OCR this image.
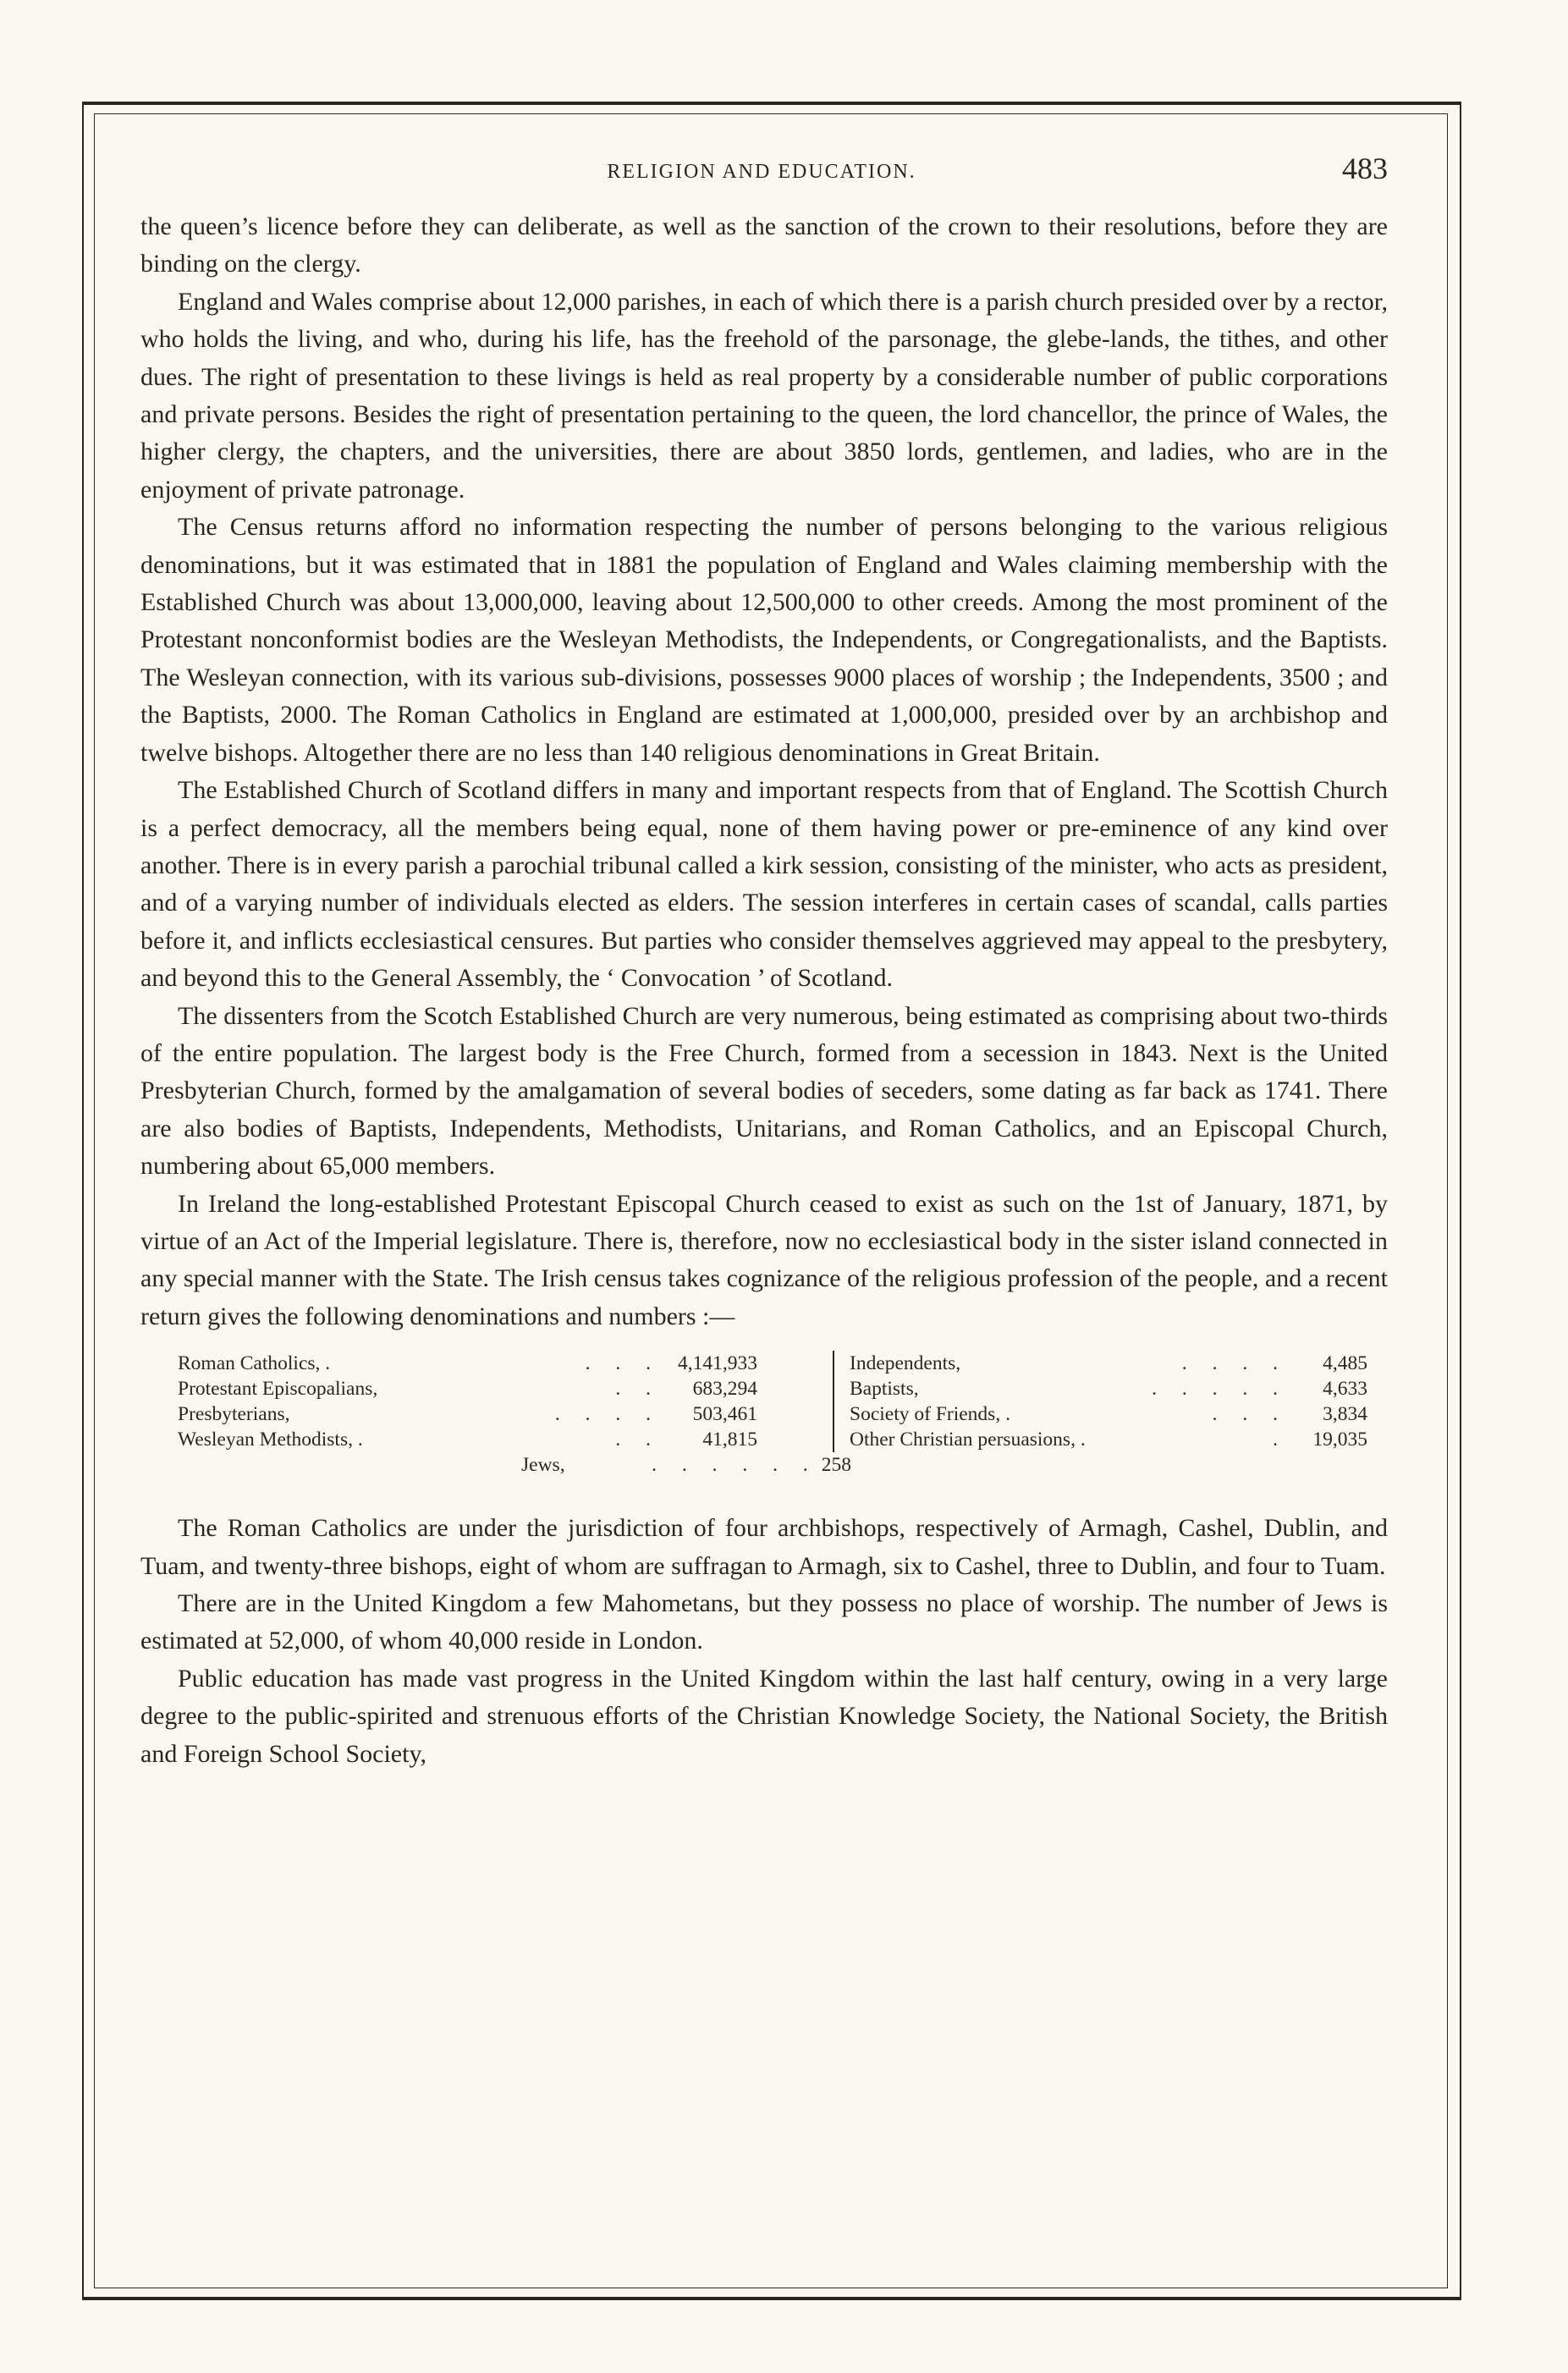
RELIGION AND EDUCATION.	483

the queen’s licence before they can deliberate, as well as the sanction of the crown to their resolutions, before they are binding on the clergy.

England and Wales comprise about 12,000 parishes, in each of which there is a parish church presided over by a rector, who holds the living, and who, during his life, has the freehold of the parsonage, the glebe-lands, the tithes, and other dues. The right of presentation to these livings is held as real property by a considerable number of public corporations and private persons. Besides the right of presentation pertaining to the queen, the lord chancellor, the prince of Wales, the higher clergy, the chapters, and the universities, there are about 3850 lords, gentlemen, and ladies, who are in the enjoyment of private patronage.

The Census returns afford no information respecting the number of persons belonging to the various religious denominations, but it was estimated that in 1881 the population of England and Wales claiming membership with the Established Church was about 13,000,000, leaving about 12,500,000 to other creeds. Among the most prominent of the Protestant nonconformist bodies are the Wesleyan Methodists, the Independents, or Congregationalists, and the Baptists. The Wesleyan connection, with its various sub-divisions, possesses 9000 places of worship ; the Independents, 3500 ; and the Baptists, 2000. The Roman Catholics in England are estimated at 1,000,000, presided over by an archbishop and twelve bishops. Altogether there are no less than 140 religious denominations in Great Britain.

The Established Church of Scotland differs in many and important respects from that of England. The Scottish Church is a perfect democracy, all the members being equal, none of them having power or pre-eminence of any kind over another. There is in every parish a parochial tribunal called a kirk session, consisting of the minister, who acts as president, and of a varying number of individuals elected as elders. The session interferes in certain cases of scandal, calls parties before it, and inflicts ecclesiastical censures. But parties who consider themselves aggrieved may appeal to the presbytery, and beyond this to the General Assembly, the ‘ Convocation ’ of Scotland.

The dissenters from the Scotch Established Church are very numerous, being estimated as comprising about two-thirds of the entire population. The largest body is the Free Church, formed from a secession in 1843. Next is the United Presbyterian Church, formed by the amalgamation of several bodies of seceders, some dating as far back as 1741. There are also bodies of Baptists, Independents, Methodists, Unitarians, and Roman Catholics, and an Episcopal Church, numbering about 65,000 members.

In Ireland the long-established Protestant Episcopal Church ceased to exist as such on the 1st of January, 1871, by virtue of an Act of the Imperial legislature. There is, therefore, now no ecclesiastical body in the sister island connected in any special manner with the State. The Irish census takes cognizance of the religious profession of the people, and a recent return gives the following denominations and numbers :—

Roman Catholics, .	. . . 4,141,933
Protestant Episcopalians,	. .	683,294
Presbyterians,	. . . .	503,461
Wesleyan Methodists, .	. .	41,815
Independents,	. . . .	4,485
Baptists,	. . . . .	4,633
Society of Friends, .	. . .	3,834
Other Christian persuasions, .	.	19,035
Jews,	. . . . . . 258

The Roman Catholics are under the jurisdiction of four archbishops, respectively of Armagh, Cashel, Dublin, and Tuam, and twenty-three bishops, eight of whom are suffragan to Armagh, six to Cashel, three to Dublin, and four to Tuam.

There are in the United Kingdom a few Mahometans, but they possess no place of worship. The number of Jews is estimated at 52,000, of whom 40,000 reside in London.

Public education has made vast progress in the United Kingdom within the last half century, owing in a very large degree to the public-spirited and strenuous efforts of the Christian Knowledge Society, the National Society, the British and Foreign School Society,
